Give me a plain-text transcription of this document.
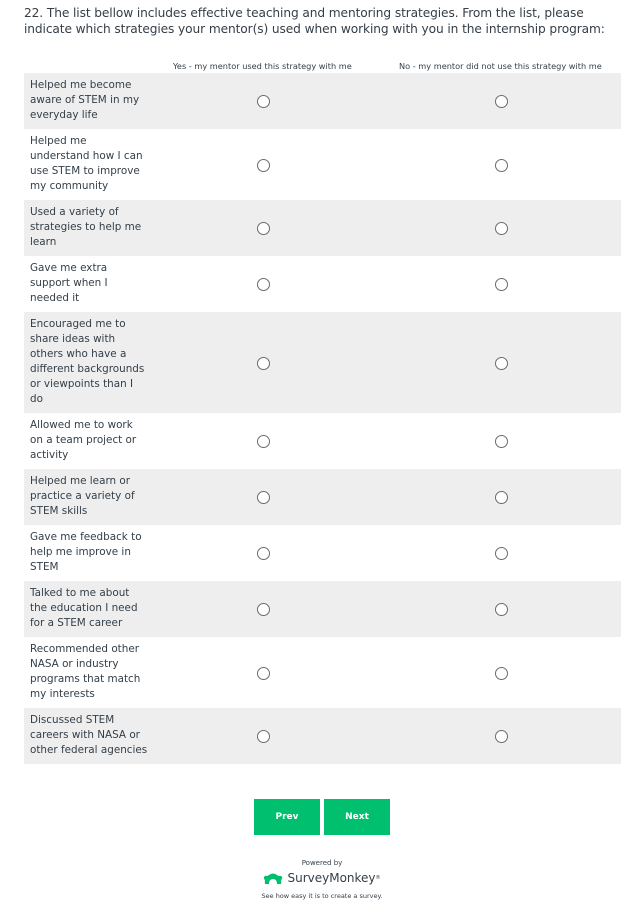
22. The list bellow includes effective teaching and mentoring strategies. From the list, please indicate which strategies your mentor(s) used when working with you in the internship program:
Yes - my mentor used this strategy with me	No - my mentor did not use this strategy with me
Helped me become aware of STEM in my everyday life
Helped me understand how I can use STEM to improve my community
Used a variety of strategies to help me learn
Gave me extra support when I needed it
Encouraged me to share ideas with others who have a different backgrounds or viewpoints than I do
Allowed me to work on a team project or activity
Helped me learn or practice a variety of STEM skills
Gave me feedback to help me improve in STEM
Talked to me about the education I need for a STEM career
Recommended other NASA or industry programs that match my interests
Discussed STEM careers with NASA or other federal agencies
Prev	Next
Powered by
SurveyMonkey ®
See how easy it is to create a survey.
